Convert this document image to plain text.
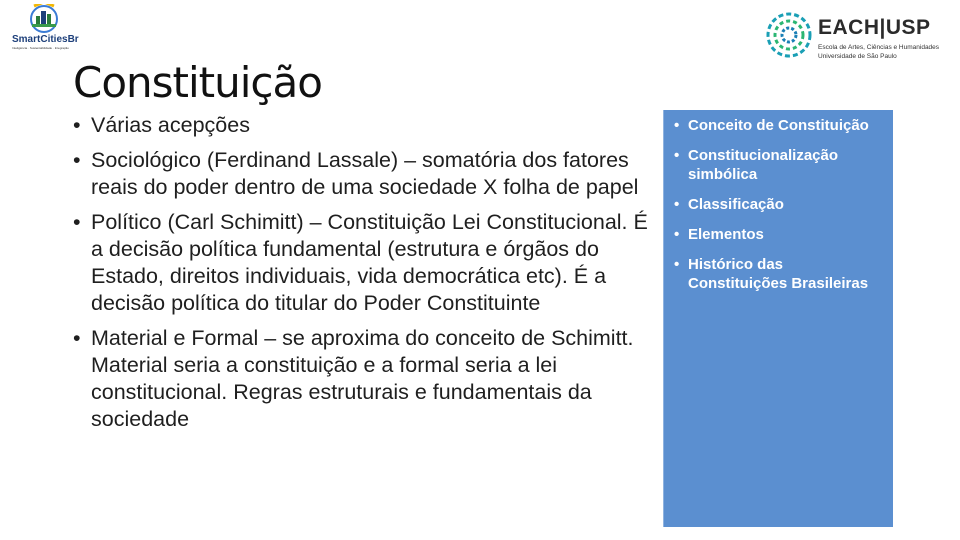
SmartCitiesBr
Inteligência · Sustentabilidade · Integração
EACH|USP
Escola de Artes, Ciências e Humanidades
Universidade de São Paulo
Constituição
• Várias acepções
• Sociológico (Ferdinand Lassale) – somatória dos fatores reais do poder dentro de uma sociedade X folha de papel
• Político (Carl Schimitt) – Constituição Lei Constitucional. É a decisão política fundamental (estrutura e órgãos do Estado, direitos individuais, vida democrática etc). É a decisão política do titular do Poder Constituinte
• Material e Formal – se aproxima do conceito de Schimitt. Material seria a constituição e a formal seria a lei constitucional. Regras estruturais e fundamentais da sociedade
• Conceito de Constituição
• Constitucionalização simbólica
• Classificação
• Elementos
• Histórico das Constituições Brasileiras
